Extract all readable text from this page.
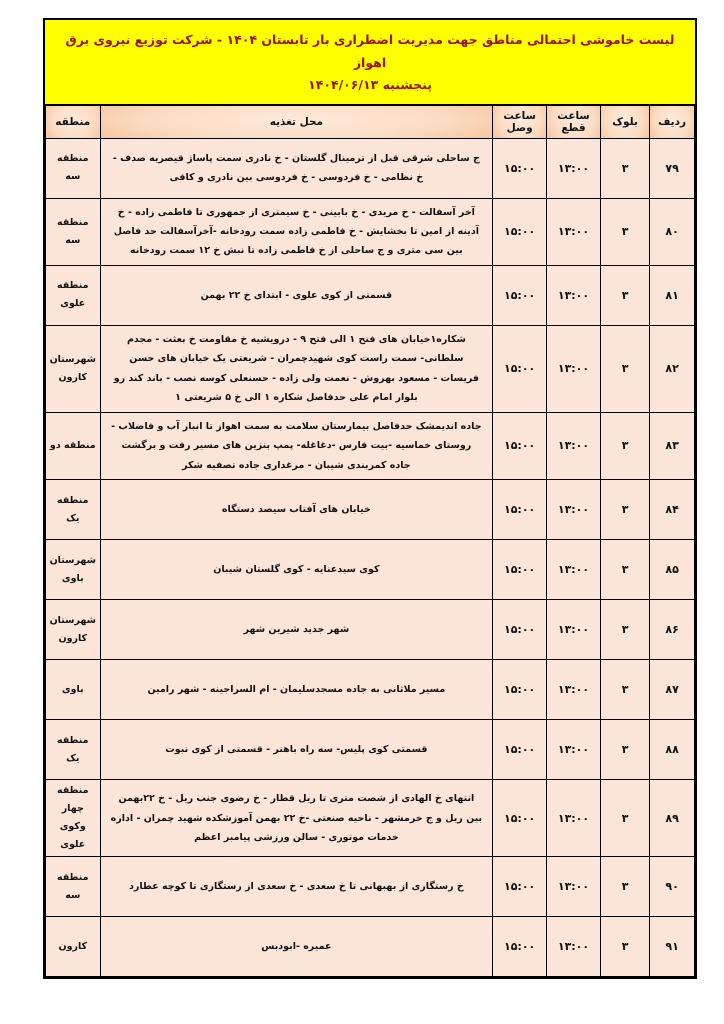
لیست خاموشی احتمالی مناطق جهت مدیریت اضطراری بار تابستان ۱۴۰۴ - شرکت توزیع نیروی برق اهواز
پنجشنبه ۱۴۰۴/۰۶/۱۳
ردیف	بلوک	ساعت قطع	ساعت وصل	محل تغذیه	منطقه
۷۹	۳	۱۳:۰۰	۱۵:۰۰	ج ساحلی شرقی قبل از ترمینال گلستان - خ نادری سمت پاساژ قیصریه صدف - خ نظامی - خ فردوسی - خ فردوسی بین نادری و کافی	منطقه سه
۸۰	۳	۱۳:۰۰	۱۵:۰۰	آخر آسفالت - خ مریدی - خ بابینی - خ سیمتری از جمهوری تا فاطمی زاده - خ آدینه از امین تا بخشایش - خ فاطمی زاده سمت رودخانه -آخرآسفالت حد فاصل بین سی متری و ج ساحلی از خ فاطمی زاده تا نبش خ ۱۲ سمت رودخانه	منطقه سه
۸۱	۳	۱۳:۰۰	۱۵:۰۰	قسمتی از کوی علوی - ابتدای خ ۲۲ بهمن	منطقه علوی
۸۲	۳	۱۳:۰۰	۱۵:۰۰	شکاره۱خیابان های فتح ۱ الی فتح ۹ - درویشیه خ مقاومت خ بعثت - مجدم سلطانی- سمت راست کوی شهیدچمران - شریعتی یک خیابان های حسن فریسات - مسعود بهروش - نعمت ولی زاده - حسنعلی کوسه نصب - باند کند رو بلوار امام علی حدفاصل شکاره ۱ الی خ ۵ شریعتی ۱	شهرستان کارون
۸۳	۳	۱۳:۰۰	۱۵:۰۰	جاده اندیمشک حدفاصل بیمارستان سلامت به سمت اهواز تا انبار آب و فاضلاب - روستای خماسیه -بیت فارس -دغاغله- پمپ بنزین های مسیر رفت و برگشت جاده کمربندی شیبان - مرغداری جاده تصفیه شکر	منطقه دو
۸۴	۳	۱۳:۰۰	۱۵:۰۰	خیابان های آفتاب سیصد دستگاه	منطقه یک
۸۵	۳	۱۳:۰۰	۱۵:۰۰	کوی سیدعنایه - کوی گلستان شیبان	شهرستان باوی
۸۶	۳	۱۳:۰۰	۱۵:۰۰	شهر جدید شیرین شهر	شهرستان کارون
۸۷	۳	۱۳:۰۰	۱۵:۰۰	مسیر ملاثانی به جاده مسجدسلیمان - ام السراجینه - شهر رامین	باوی
۸۸	۳	۱۳:۰۰	۱۵:۰۰	قسمتی کوی پلیس- سه راه باهنر - قسمتی از کوی نبوت	منطقه یک
۸۹	۳	۱۳:۰۰	۱۵:۰۰	انتهای خ الهادی از شصت متری تا ریل قطار - خ رضوی جنب ریل - خ ۲۲بهمن بین ریل و ج خرمشهر - ناحیه صنعتی -خ ۲۲ بهمن آموزشکده شهید چمران - اداره خدمات موتوری - سالن ورزشی پیامبر اعظم	منطقه چهار وکوی علوی
۹۰	۳	۱۳:۰۰	۱۵:۰۰	خ رستگاری از بهبهانی تا خ سعدی - خ سعدی از رستگاری تا کوچه عطارد	منطقه سه
۹۱	۳	۱۳:۰۰	۱۵:۰۰	عمیره -ابودبس	کارون
